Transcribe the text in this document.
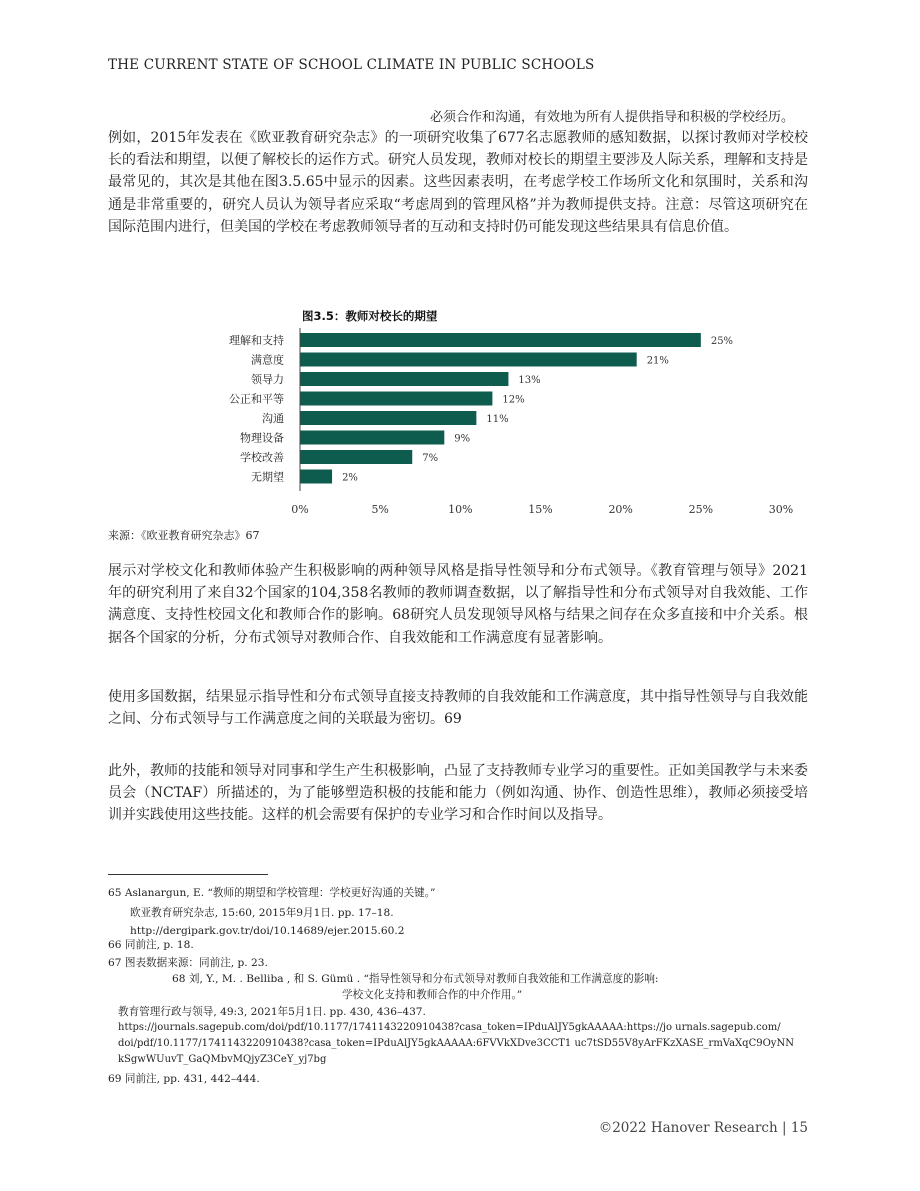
THE CURRENT STATE OF SCHOOL CLIMATE IN PUBLIC SCHOOLS
必须合作和沟通，有效地为所有人提供指导和积极的学校经历。
例如，2015年发表在《欧亚教育研究杂志》的一项研究收集了677名志愿教师的感知数据，以探讨教师对学校校长的看法和期望，以便了解校长的运作方式。研究人员发现，教师对校长的期望主要涉及人际关系，理解和支持是最常见的，其次是其他在图3.5.65中显示的因素。这些因素表明，在考虑学校工作场所文化和氛围时，关系和沟通是非常重要的，研究人员认为领导者应采取“考虑周到的管理风格”并为教师提供支持。注意：尽管这项研究在国际范围内进行，但美国的学校在考虑教师领导者的互动和支持时仍可能发现这些结果具有信息价值。
图3.5：教师对校长的期望
理解和支持	25%
满意度	21%
领导力	13%
公正和平等	12%
沟通	11%
物理设备	9%
学校改善	7%
无期望	2%
0%	5%	10%	15%	20%	25%	30%
来源：《欧亚教育研究杂志》67
展示对学校文化和教师体验产生积极影响的两种领导风格是指导性领导和分布式领导。《教育管理与领导》2021年的研究利用了来自32个国家的104,358名教师的教师调查数据，以了解指导性和分布式领导对自我效能、工作满意度、支持性校园文化和教师合作的影响。68研究人员发现领导风格与结果之间存在众多直接和中介关系。根据各个国家的分析，分布式领导对教师合作、自我效能和工作满意度有显著影响。
使用多国数据，结果显示指导性和分布式领导直接支持教师的自我效能和工作满意度，其中指导性领导与自我效能之间、分布式领导与工作满意度之间的关联最为密切。69
此外，教师的技能和领导对同事和学生产生积极影响，凸显了支持教师专业学习的重要性。正如美国教学与未来委员会（NCTAF）所描述的，为了能够塑造积极的技能和能力（例如沟通、协作、创造性思维），教师必须接受培训并实践使用这些技能。这样的机会需要有保护的专业学习和合作时间以及指导。
65 Aslanargun, E. “教师的期望和学校管理：学校更好沟通的关键。”
欧亚教育研究杂志, 15:60, 2015年9月1日. pp. 17–18.
http://dergipark.gov.tr/doi/10.14689/ejer.2015.60.2
66 同前注, p. 18.
67 图表数据来源：同前注, p. 23.
68 刘, Y., M. . Belliba , 和 S. Gümü . “指导性领导和分布式领导对教师自我效能和工作满意度的影响:
学校文化支持和教师合作的中介作用。”
教育管理行政与领导, 49:3, 2021年5月1日. pp. 430, 436–437.
https://journals.sagepub.com/doi/pdf/10.1177/1741143220910438?casa_token=IPduAlJY5gkAAAAA:https://jo urnals.sagepub.com/
doi/pdf/10.1177/1741143220910438?casa_token=IPduAlJY5gkAAAAA:6FVVkXDve3CCT1 uc7tSD55V8yArFKzXASE_rmVaXqC9OyNN
kSgwWUuvT_GaQMbvMQjyZ3CeY_yj7bg
69 同前注, pp. 431, 442–444.
©2022 Hanover Research | 15
